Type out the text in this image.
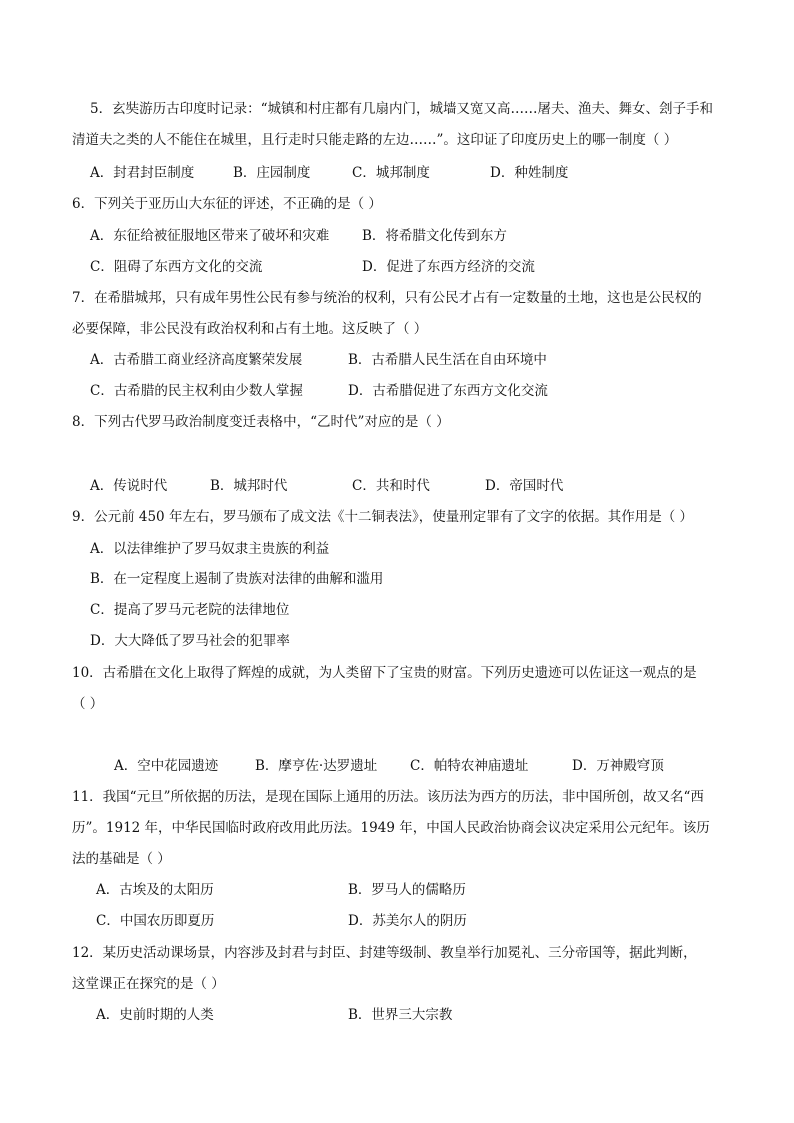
5．玄奘游历古印度时记录：“城镇和村庄都有几扇内门，城墙又宽又高……屠夫、渔夫、舞女、刽子手和
清道夫之类的人不能住在城里，且行走时只能走路的左边……”。这印证了印度历史上的哪一制度（ ）
A．封君封臣制度	B．庄园制度	C．城邦制度	D．种姓制度
6．下列关于亚历山大东征的评述，不正确的是（ ）
A．东征给被征服地区带来了破坏和灾难 B．将希腊文化传到东方
C．阻碍了东西方文化的交流	D．促进了东西方经济的交流
7．在希腊城邦，只有成年男性公民有参与统治的权利，只有公民才占有一定数量的土地，这也是公民权的
必要保障，非公民没有政治权利和占有土地。这反映了（ ）
A．古希腊工商业经济高度繁荣发展	B．古希腊人民生活在自由环境中
C．古希腊的民主权利由少数人掌握	D．古希腊促进了东西方文化交流
8．下列古代罗马政治制度变迁表格中，“乙时代”对应的是（ ）
A．传说时代	B．城邦时代	C．共和时代	D．帝国时代
9．公元前 450 年左右，罗马颁布了成文法《十二铜表法》，使量刑定罪有了文字的依据。其作用是（ ）
A．以法律维护了罗马奴隶主贵族的利益
B．在一定程度上遏制了贵族对法律的曲解和滥用
C．提高了罗马元老院的法律地位
D．大大降低了罗马社会的犯罪率
10．古希腊在文化上取得了辉煌的成就，为人类留下了宝贵的财富。下列历史遗迹可以佐证这一观点的是
（ ）
A．空中花园遗迹	B．摩亨佐·达罗遗址 C．帕特农神庙遗址	D．万神殿穹顶
11．我国“元旦”所依据的历法，是现在国际上通用的历法。该历法为西方的历法，非中国所创，故又名“西
历”。1912 年，中华民国临时政府改用此历法。1949 年，中国人民政治协商会议决定采用公元纪年。该历
法的基础是（ ）
A．古埃及的太阳历	B．罗马人的儒略历
C．中国农历即夏历	D．苏美尔人的阴历
12．某历史活动课场景，内容涉及封君与封臣、封建等级制、教皇举行加冕礼、三分帝国等，据此判断，
这堂课正在探究的是（ ）
A．史前时期的人类	B．世界三大宗教
